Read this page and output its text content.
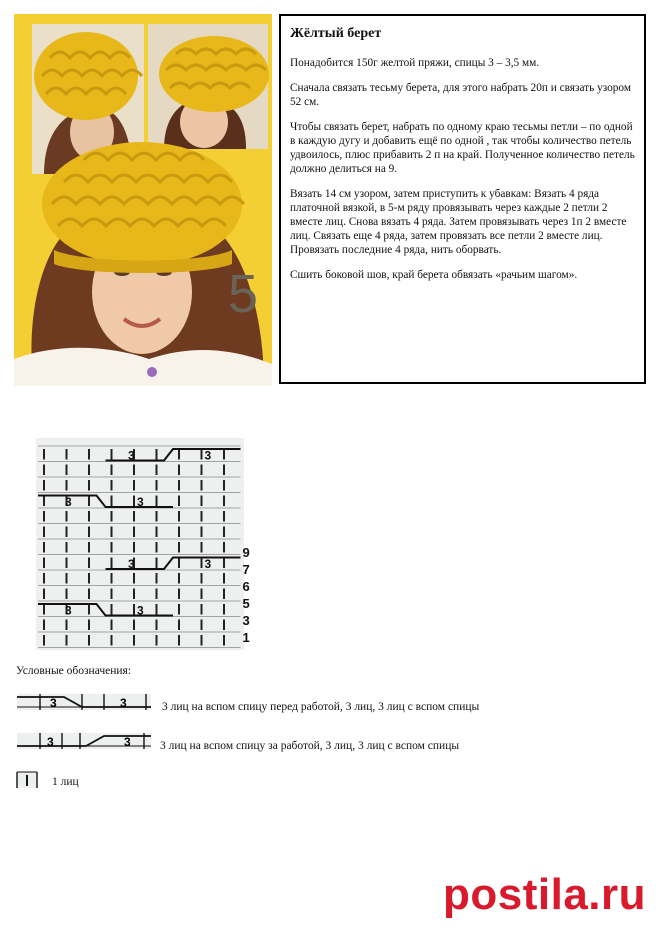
5
Жёлтый берет

Понадобится 150г желтой пряжи, спицы 3 – 3,5 мм.

Сначала связать тесьму берета, для этого набрать 20п и связать узором 52 см.

Чтобы связать берет, набрать по одному краю тесьмы петли – по одной в каждую дугу и добавить ещё по одной , так чтобы количество петель удвоилось, плюс прибавить 2 п на край. Полученное количество петель должно делиться на 9.

Вязать 14 см узором, затем приступить к убавкам: Вязать 4 ряда платочной вязкой, в 5-м ряду провязывать через каждые 2 петли 2 вместе лиц. Снова вязать 4 ряда. Затем провязывать через 1п 2 вместе лиц. Связать еще 4 ряда, затем провязать все петли 2 вместе лиц. Провязать последние 4 ряда, нить оборвать.

Сшить боковой шов, край берета обвязать «рачьим шагом».

3	3
3	3
3	3
3	3
9
7
6
5
3
1
Условные обозначения:
3	3	3 лиц на вспом спицу перед работой, 3 лиц, 3 лиц с вспом спицы
3	3	3 лиц на вспом спицу за работой, 3 лиц, 3 лиц с вспом спицы
1 лиц
postila.ru
